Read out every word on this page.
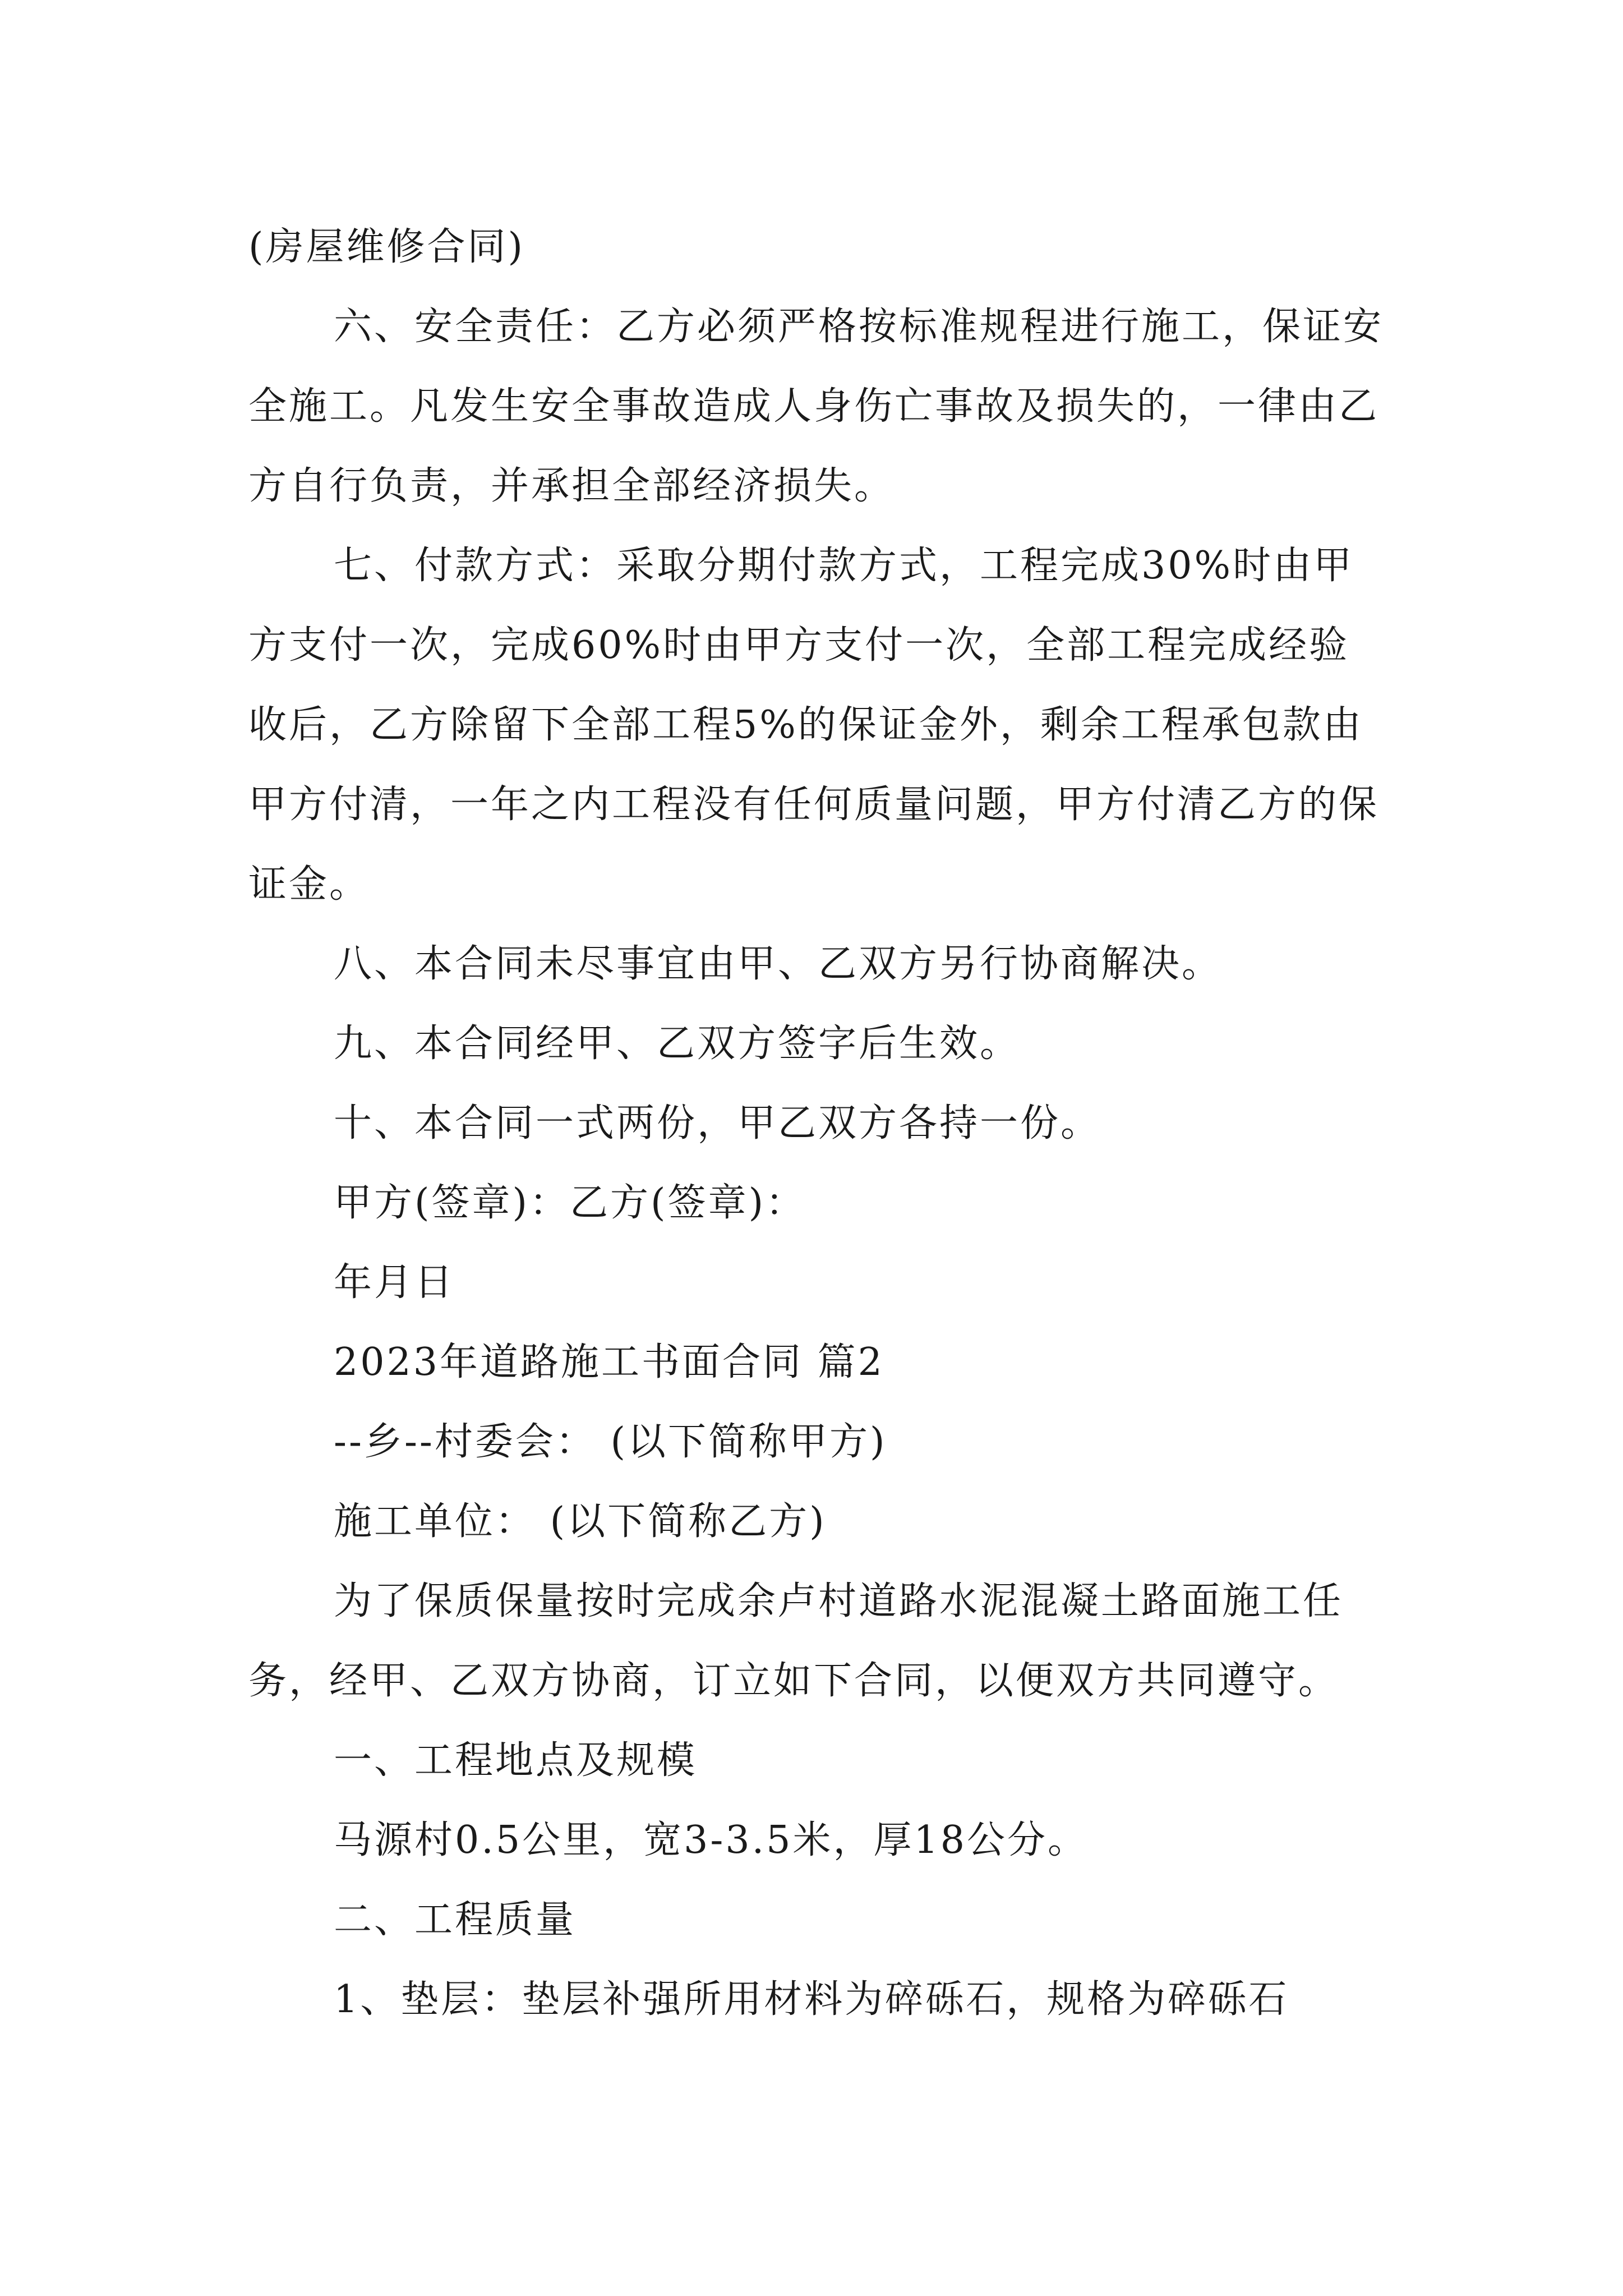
(房屋维修合同)

六、安全责任：乙方必须严格按标准规程进行施工，保证安全施工。凡发生安全事故造成人身伤亡事故及损失的，一律由乙方自行负责，并承担全部经济损失。

七、付款方式：采取分期付款方式，工程完成30%时由甲方支付一次，完成60%时由甲方支付一次，全部工程完成经验收后，乙方除留下全部工程5%的保证金外，剩余工程承包款由甲方付清，一年之内工程没有任何质量问题，甲方付清乙方的保证金。

八、本合同未尽事宜由甲、乙双方另行协商解决。

九、本合同经甲、乙双方签字后生效。

十、本合同一式两份，甲乙双方各持一份。

甲方(签章)：乙方(签章)：

年月日

2023年道路施工书面合同 篇2

--乡--村委会： (以下简称甲方)

施工单位： (以下简称乙方)

为了保质保量按时完成余卢村道路水泥混凝土路面施工任务，经甲、乙双方协商，订立如下合同，以便双方共同遵守。

一、工程地点及规模

马源村0.5公里，宽3-3.5米，厚18公分。

二、工程质量

1、垫层：垫层补强所用材料为碎砾石，规格为碎砾石
